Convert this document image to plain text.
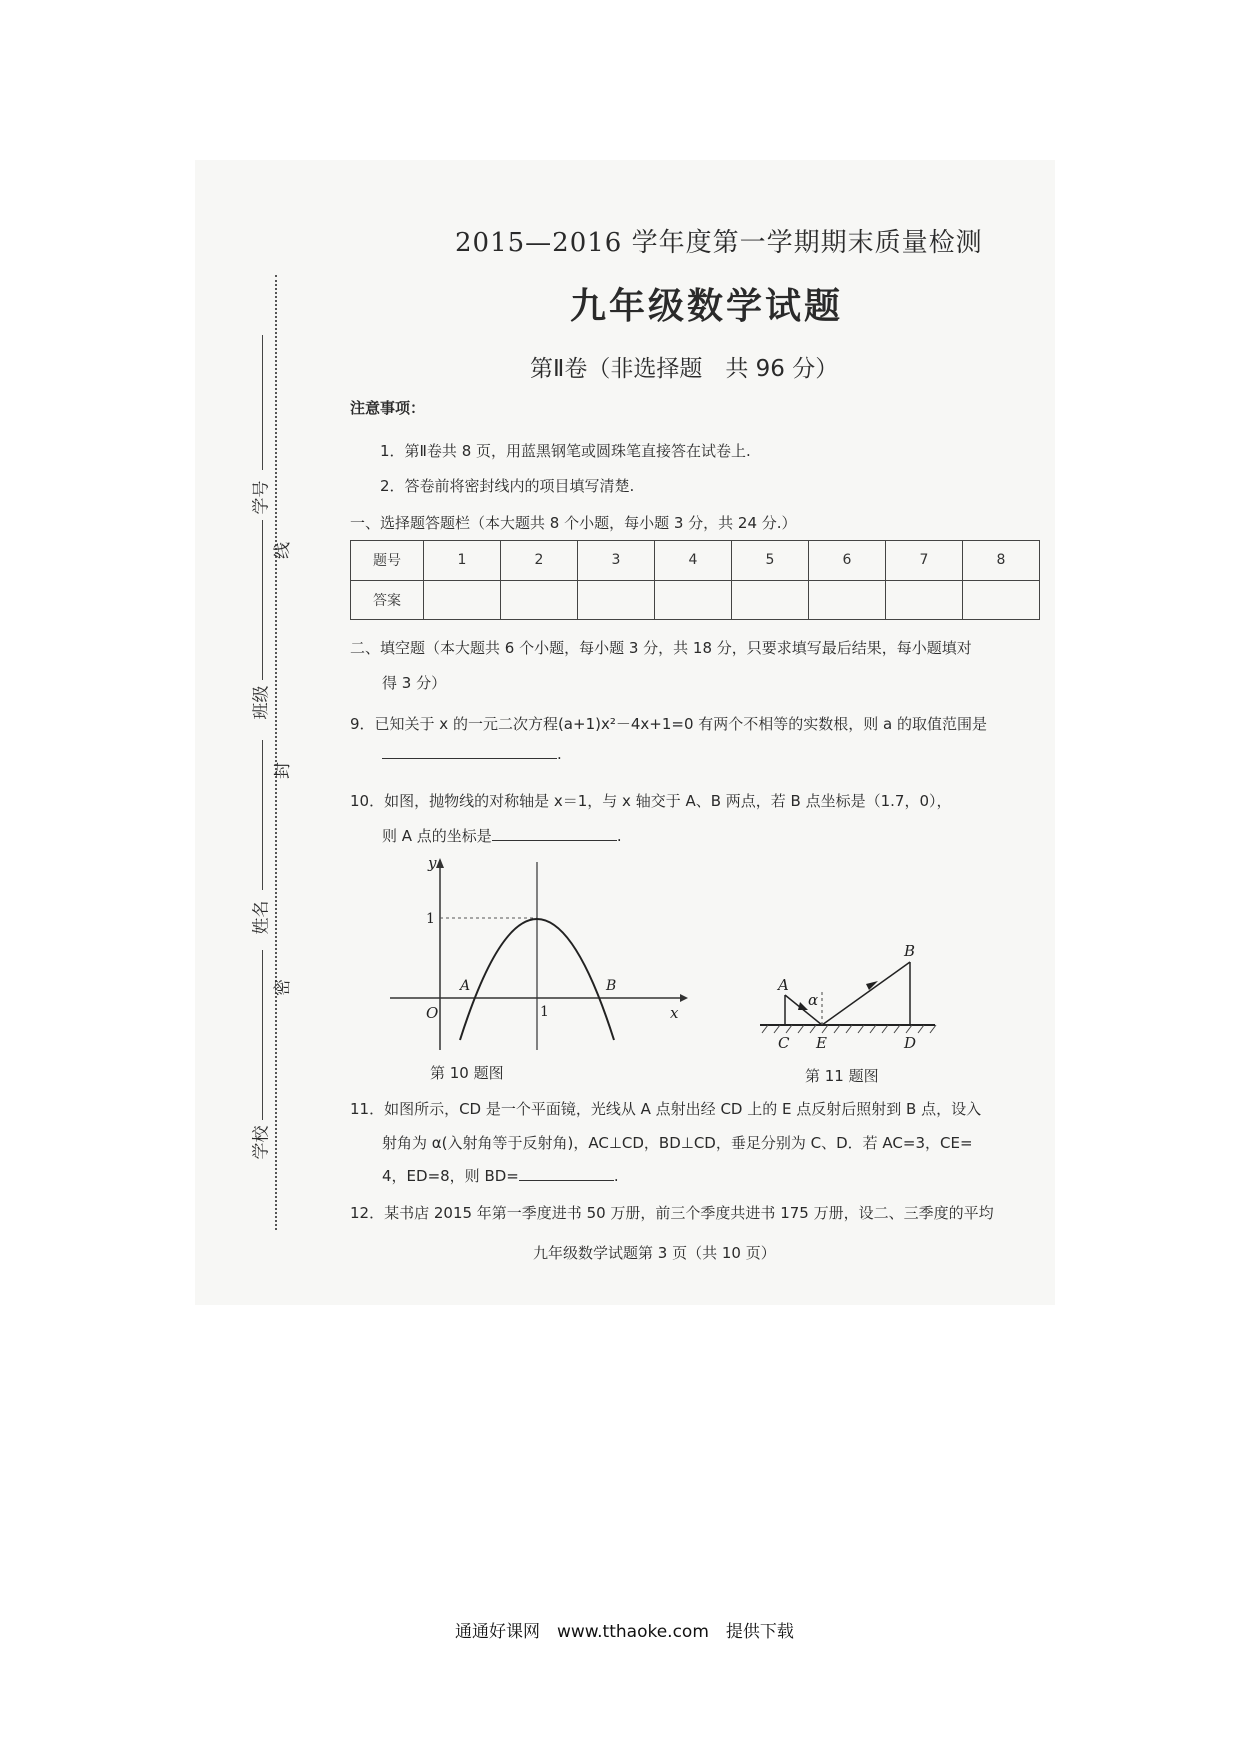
学号
班级
姓名
学校
线
封
密
2015—2016 学年度第一学期期末质量检测
九年级数学试题
第Ⅱ卷（非选择题　共 96 分）
注意事项：
1．第Ⅱ卷共 8 页，用蓝黑钢笔或圆珠笔直接答在试卷上.
2．答卷前将密封线内的项目填写清楚.
一、选择题答题栏（本大题共 8 个小题，每小题 3 分，共 24 分.）
题号	1	2	3	4	5	6	7	8
答案								
二、填空题（本大题共 6 个小题，每小题 3 分，共 18 分，只要求填写最后结果，每小题填对
得 3 分）
9．已知关于 x 的一元二次方程(a+1)x²－4x+1=0 有两个不相等的实数根，则 a 的取值范围是
.
10．如图，抛物线的对称轴是 x＝1，与 x 轴交于 A、B 两点，若 B 点坐标是（1.7，0），
则 A 点的坐标是	.
y
x
O
1
1
A	B
第 10 题图
A
B
C E	D
α
第 11 题图
11．如图所示，CD 是一个平面镜，光线从 A 点射出经 CD 上的 E 点反射后照射到 B 点，设入
射角为 α(入射角等于反射角)，AC⊥CD，BD⊥CD，垂足分别为 C、D．若 AC=3，CE=
4，ED=8，则 BD=	.
12．某书店 2015 年第一季度进书 50 万册，前三个季度共进书 175 万册，设二、三季度的平均
九年级数学试题第 3 页（共 10 页）
通通好课网　www.tthaoke.com　提供下载
